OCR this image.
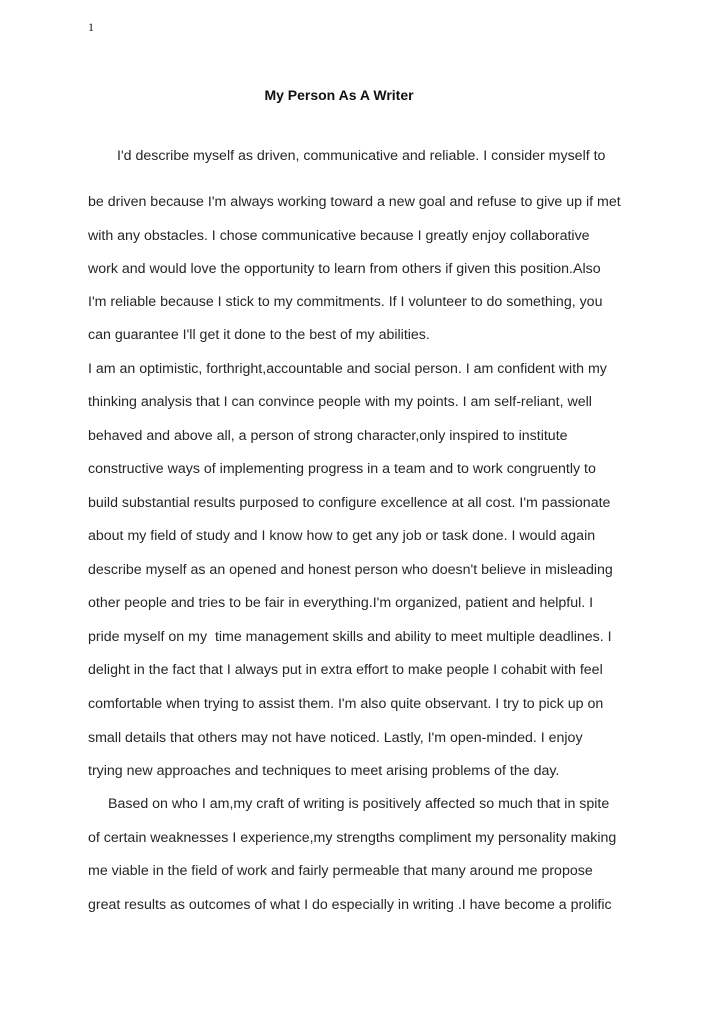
1
My Person As A Writer
I'd describe myself as driven, communicative and reliable. I consider myself to
be driven because I'm always working toward a new goal and refuse to give up if met
with any obstacles. I chose communicative because I greatly enjoy collaborative
work and would love the opportunity to learn from others if given this position.Also
I'm reliable because I stick to my commitments. If I volunteer to do something, you
can guarantee I'll get it done to the best of my abilities.
I am an optimistic, forthright,accountable and social person. I am confident with my
thinking analysis that I can convince people with my points. I am self-reliant, well
behaved and above all, a person of strong character,only inspired to institute
constructive ways of implementing progress in a team and to work congruently to
build substantial results purposed to configure excellence at all cost. I'm passionate
about my field of study and I know how to get any job or task done. I would again
describe myself as an opened and honest person who doesn't believe in misleading
other people and tries to be fair in everything.I'm organized, patient and helpful. I
pride myself on my  time management skills and ability to meet multiple deadlines. I
delight in the fact that I always put in extra effort to make people I cohabit with feel
comfortable when trying to assist them. I'm also quite observant. I try to pick up on
small details that others may not have noticed. Lastly, I'm open-minded. I enjoy
trying new approaches and techniques to meet arising problems of the day.
Based on who I am,my craft of writing is positively affected so much that in spite
of certain weaknesses I experience,my strengths compliment my personality making
me viable in the field of work and fairly permeable that many around me propose
great results as outcomes of what I do especially in writing .I have become a prolific
